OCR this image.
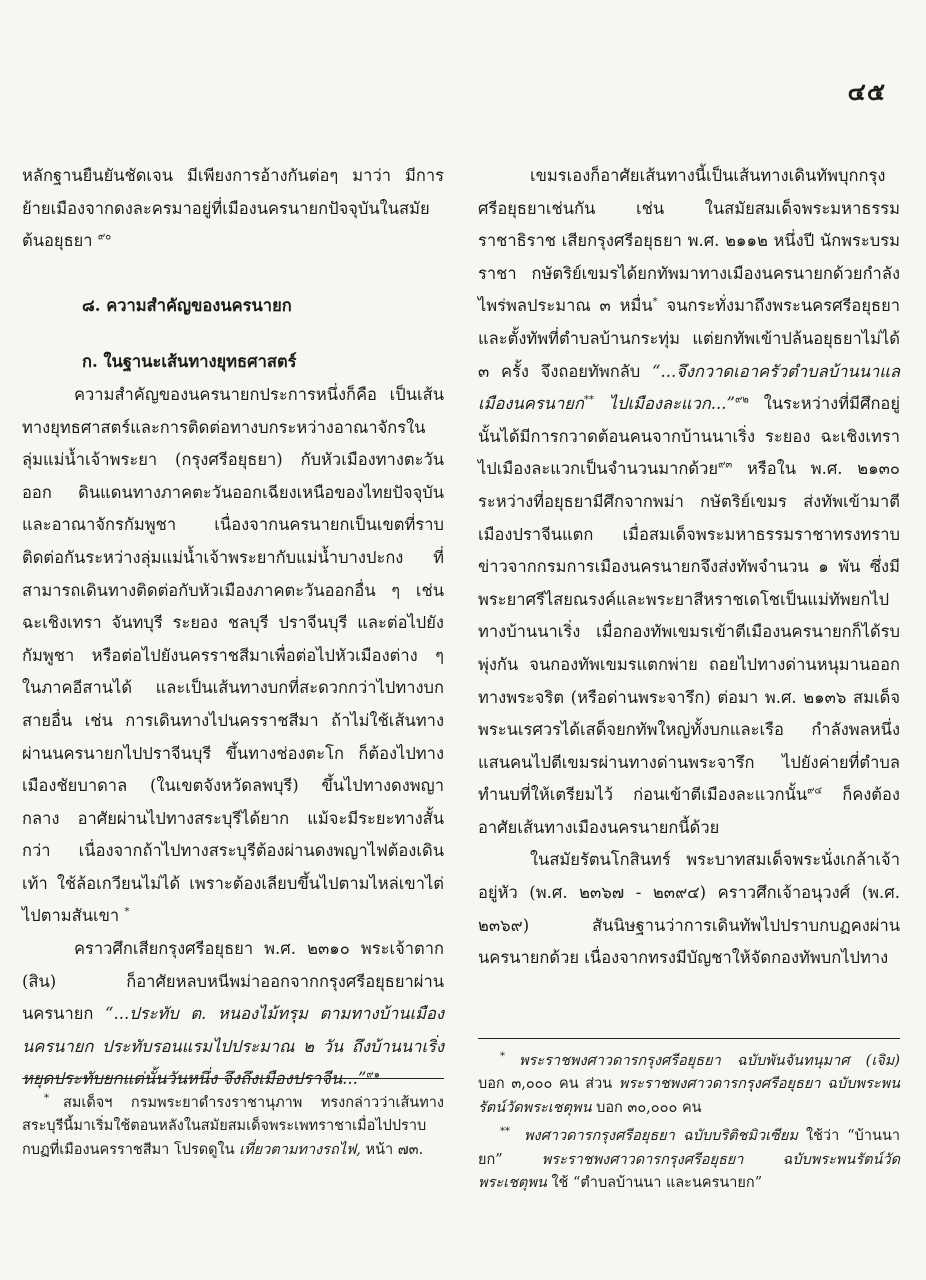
๔๕

หลักฐานยืนยันชัดเจน มีเพียงการอ้างกันต่อๆ มาว่า มีการย้ายเมืองจากดงละครมาอยู่ที่เมืองนครนายกปัจจุบันในสมัยต้นอยุธยา $^{๙๐}$

๘. ความสำคัญของนครนายก

ก. ในฐานะเส้นทางยุทธศาสตร์

ความสำคัญของนครนายกประการหนึ่งก็คือ เป็นเส้นทางยุทธศาสตร์และการติดต่อทางบกระหว่างอาณาจักรในลุ่มแม่น้ำเจ้าพระยา (กรุงศรีอยุธยา) กับหัวเมืองทางตะวันออก ดินแดนทางภาคตะวันออกเฉียงเหนือของไทยปัจจุบัน และอาณาจักรกัมพูชา เนื่องจากนครนายกเป็นเขตที่ราบติดต่อกันระหว่างลุ่มแม่น้ำเจ้าพระยากับแม่น้ำบางปะกง ที่สามารถเดินทางติดต่อกับหัวเมืองภาคตะวันออกอื่น ๆ เช่น ฉะเชิงเทรา จันทบุรี ระยอง ชลบุรี ปราจีนบุรี และต่อไปยังกัมพูชา หรือต่อไปยังนครราชสีมาเพื่อต่อไปหัวเมืองต่าง ๆ ในภาคอีสานได้ และเป็นเส้นทางบกที่สะดวกกว่าไปทางบกสายอื่น เช่น การเดินทางไปนครราชสีมา ถ้าไม่ใช้เส้นทางผ่านนครนายกไปปราจีนบุรี ขึ้นทางช่องตะโก ก็ต้องไปทางเมืองชัยบาดาล (ในเขตจังหวัดลพบุรี) ขึ้นไปทางดงพญากลาง อาศัยผ่านไปทางสระบุรีได้ยาก แม้จะมีระยะทางสั้นกว่า เนื่องจากถ้าไปทางสระบุรีต้องผ่านดงพญาไฟต้องเดินเท้า ใช้ล้อเกวียนไม่ได้ เพราะต้องเลียบขึ้นไปตามไหล่เขาไต่ไปตามสันเขา *

คราวศึกเสียกรุงศรีอยุธยา พ.ศ. ๒๓๑๐ พระเจ้าตาก (สิน) ก็อาศัยหลบหนีพม่าออกจากกรุงศรีอยุธยาผ่านนครนายก “...ประทับ ต. หนองไม้ทรุม ตามทางบ้านเมืองนครนายก ประทับรอนแรมไปประมาณ ๒ วัน ถึงบ้านนาเริ่ง หยุดประทับยกแต่นั้นวันหนึ่ง จึงถึงเมืองปราจีน...”$^{๙๑}$

เขมรเองก็อาศัยเส้นทางนี้เป็นเส้นทางเดินทัพบุกกรุงศรีอยุธยาเช่นกัน เช่น ในสมัยสมเด็จพระมหาธรรมราชาธิราช เสียกรุงศรีอยุธยา พ.ศ. ๒๑๑๒ หนึ่งปี นักพระบรมราชา กษัตริย์เขมรได้ยกทัพมาทางเมืองนครนายกด้วยกำลังไพร่พลประมาณ ๓ หมื่น* จนกระทั่งมาถึงพระนครศรีอยุธยา และตั้งทัพที่ตำบลบ้านกระทุ่ม แต่ยกทัพเข้าปล้นอยุธยาไม่ได้ ๓ ครั้ง จึงถอยทัพกลับ “...จึงกวาดเอาครัวตำบลบ้านนาแลเมืองนครนายก** ไปเมืองละแวก...”$^{๙๒}$ ในระหว่างที่มีศึกอยู่นั้นได้มีการกวาดต้อนคนจากบ้านนาเริ่ง ระยอง ฉะเชิงเทราไปเมืองละแวกเป็นจำนวนมากด้วย$^{๙๓}$ หรือใน พ.ศ. ๒๑๓๐ ระหว่างที่อยุธยามีศึกจากพม่า กษัตริย์เขมร ส่งทัพเข้ามาตีเมืองปราจีนแตก เมื่อสมเด็จพระมหาธรรมราชาทรงทราบข่าวจากกรมการเมืองนครนายกจึงส่งทัพจำนวน ๑ พัน ซึ่งมีพระยาศรีไสยณรงค์และพระยาสีหราชเดโชเป็นแม่ทัพยกไปทางบ้านนาเริ่ง เมื่อกองทัพเขมรเข้าตีเมืองนครนายกก็ได้รบพุ่งกัน จนกองทัพเขมรแตกพ่าย ถอยไปทางด่านหนุมานออกทางพระจริต (หรือด่านพระจารึก) ต่อมา พ.ศ. ๒๑๓๖ สมเด็จพระนเรศวรได้เสด็จยกทัพใหญ่ทั้งบกและเรือ กำลังพลหนึ่งแสนคนไปตีเขมรผ่านทางด่านพระจารึก ไปยังค่ายที่ตำบลทำนบที่ให้เตรียมไว้ ก่อนเข้าตีเมืองละแวกนั้น$^{๙๔}$ ก็คงต้องอาศัยเส้นทางเมืองนครนายกนี้ด้วย

ในสมัยรัตนโกสินทร์ พระบาทสมเด็จพระนั่งเกล้าเจ้าอยู่หัว (พ.ศ. ๒๓๖๗ - ๒๓๙๔) คราวศึกเจ้าอนุวงศ์ (พ.ศ. ๒๓๖๙) สันนิษฐานว่าการเดินทัพไปปราบกบฏคงผ่านนครนายกด้วย เนื่องจากทรงมีบัญชาให้จัดกองทัพบกไปทาง

* สมเด็จฯ กรมพระยาดำรงราชานุภาพ ทรงกล่าวว่าเส้นทางสระบุรีนี้มาเริ่มใช้ตอนหลังในสมัยสมเด็จพระเพทราชาเมื่อไปปราบกบฏที่เมืองนครราชสีมา โปรดดูใน เที่ยวตามทางรถไฟ, หน้า ๗๓.

* พระราชพงศาวดารกรุงศรีอยุธยา ฉบับพันจันทนุมาศ (เจิม) บอก ๓,๐๐๐ คน ส่วน พระราชพงศาวดารกรุงศรีอยุธยา ฉบับพระพนรัตน์วัดพระเชตุพน บอก ๓๐,๐๐๐ คน

** พงศาวดารกรุงศรีอยุธยา ฉบับบริติชมิวเซียม ใช้ว่า “บ้านนายก”	พระราชพงศาวดารกรุงศรีอยุธยา ฉบับพระพนรัตน์วัดพระเชตุพน ใช้ “ตำบลบ้านนา และนครนายก”
